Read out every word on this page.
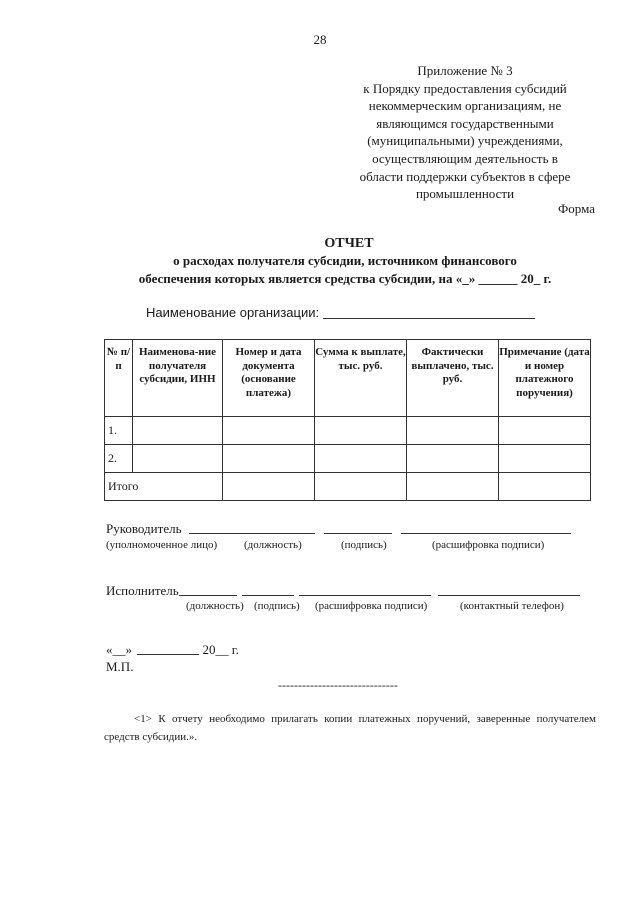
28
Приложение № 3
к Порядку предоставления субсидий
некоммерческим организациям, не
являющимся государственными
(муниципальными) учреждениями,
осуществляющим деятельность в
области поддержки субъектов в сфере
промышленности
Форма
ОТЧЕТ
о расходах получателя субсидии, источником финансового
обеспечения которых является средства субсидии, на «_» ______ 20_ г.
Наименование организации:
№ п/п	Наименова-ние получателя субсидии, ИНН	Номер и дата документа (основание платежа)	Сумма к выплате, тыс. руб.	Фактически выплачено, тыс. руб.	Примечание (дата и номер платежного поручения)
1.					
2.					
Итого					
Руководитель
(уполномоченное лицо) (должность)	(подпись)	(расшифровка подписи)
Исполнитель
(должность) (подпись) (расшифровка подписи)	(контактный телефон)
«__»	20__ г.
М.П.
------------------------------

<1> К отчету необходимо прилагать копии платежных поручений, заверенные получателем средств субсидии.».
